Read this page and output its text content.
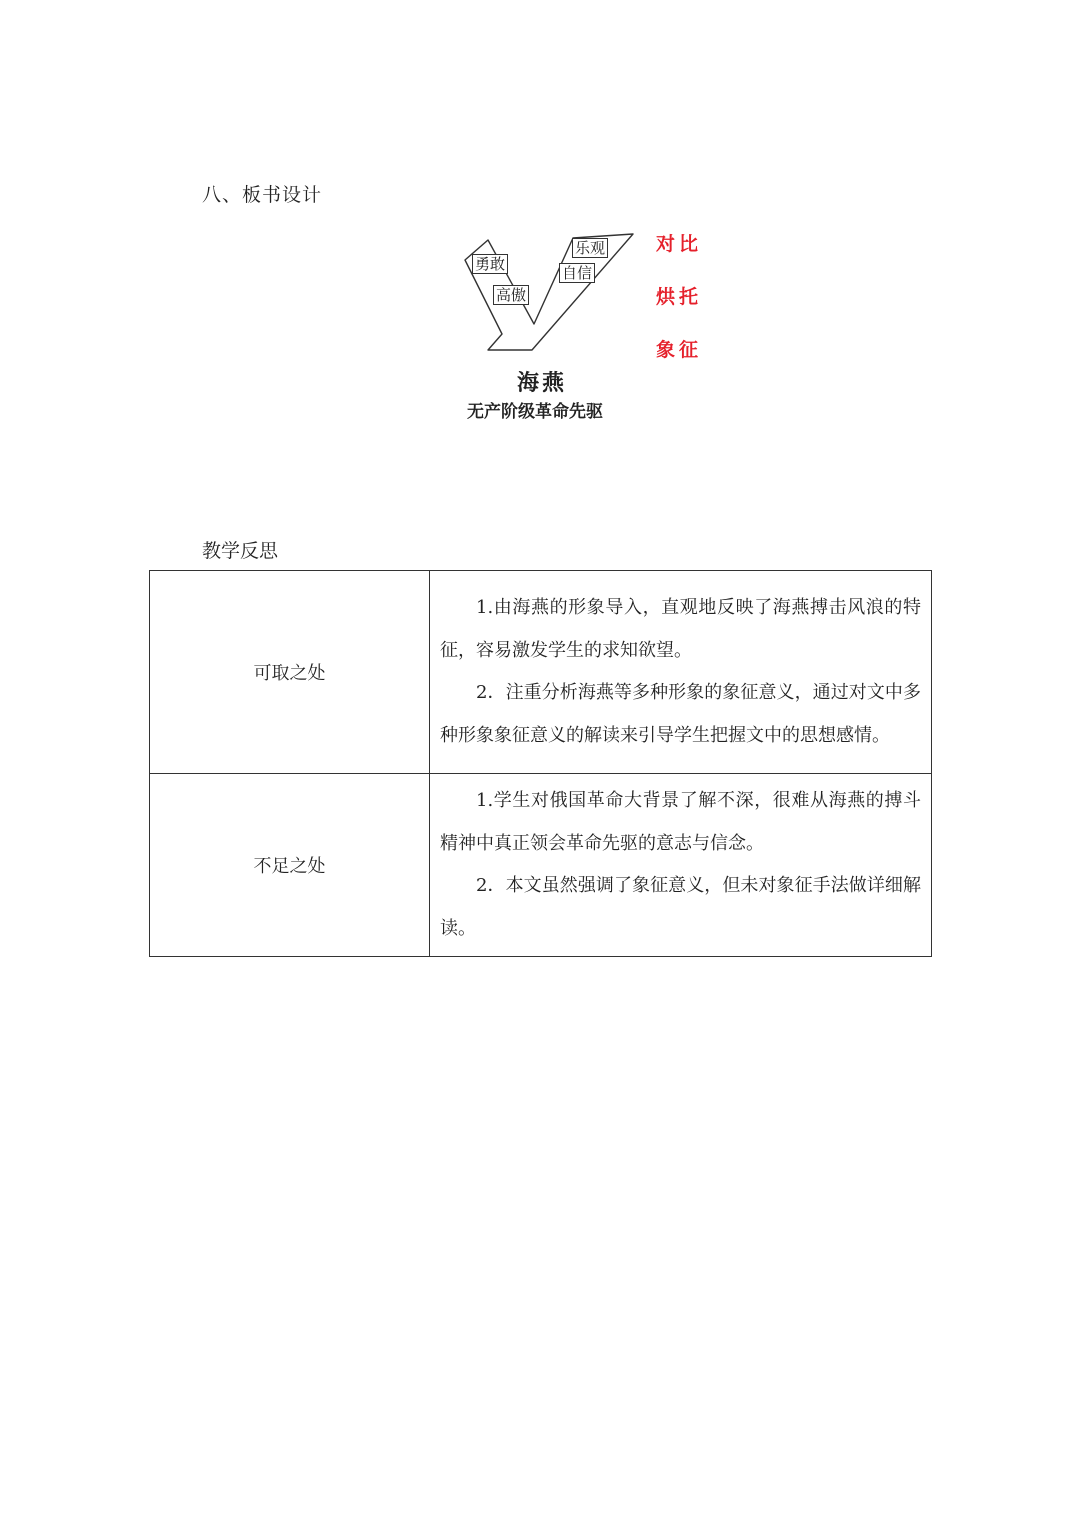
八、板书设计
勇敢
高傲
乐观
自信
对比
烘托
象征
海燕
无产阶级革命先驱
教学反思
可取之处	1.由海燕的形象导入，直观地反映了海燕搏击风浪的特征，容易激发学生的求知欲望。

2．注重分析海燕等多种形象的象征意义，通过对文中多种形象象征意义的解读来引导学生把握文中的思想感情。

不足之处	1.学生对俄国革命大背景了解不深，很难从海燕的搏斗精神中真正领会革命先驱的意志与信念。

2．本文虽然强调了象征意义，但未对象征手法做详细解读。
